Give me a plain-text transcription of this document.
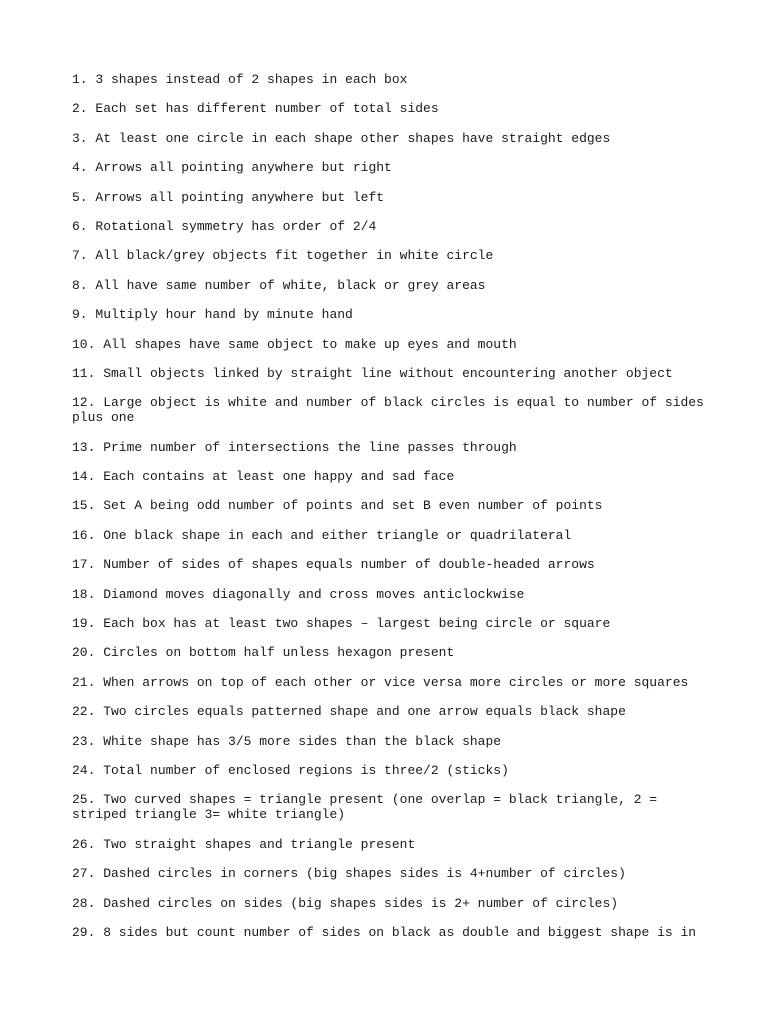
1. 3 shapes instead of 2 shapes in each box
2. Each set has different number of total sides
3. At least one circle in each shape other shapes have straight edges
4. Arrows all pointing anywhere but right
5. Arrows all pointing anywhere but left
6. Rotational symmetry has order of 2/4
7. All black/grey objects fit together in white circle
8. All have same number of white, black or grey areas
9. Multiply hour hand by minute hand
10. All shapes have same object to make up eyes and mouth
11. Small objects linked by straight line without encountering another object
12. Large object is white and number of black circles is equal to number of sides plus one
13. Prime number of intersections the line passes through
14. Each contains at least one happy and sad face
15. Set A being odd number of points and set B even number of points
16. One black shape in each and either triangle or quadrilateral
17. Number of sides of shapes equals number of double-headed arrows
18. Diamond moves diagonally and cross moves anticlockwise
19. Each box has at least two shapes – largest being circle or square
20. Circles on bottom half unless hexagon present
21. When arrows on top of each other or vice versa more circles or more squares
22. Two circles equals patterned shape and one arrow equals black shape
23. White shape has 3/5 more sides than the black shape
24. Total number of enclosed regions is three/2 (sticks)
25. Two curved shapes = triangle present (one overlap = black triangle, 2 = striped triangle 3= white triangle)
26. Two straight shapes and triangle present
27. Dashed circles in corners (big shapes sides is 4+number of circles)
28. Dashed circles on sides (big shapes sides is 2+ number of circles)
29. 8 sides but count number of sides on black as double and biggest shape is in
